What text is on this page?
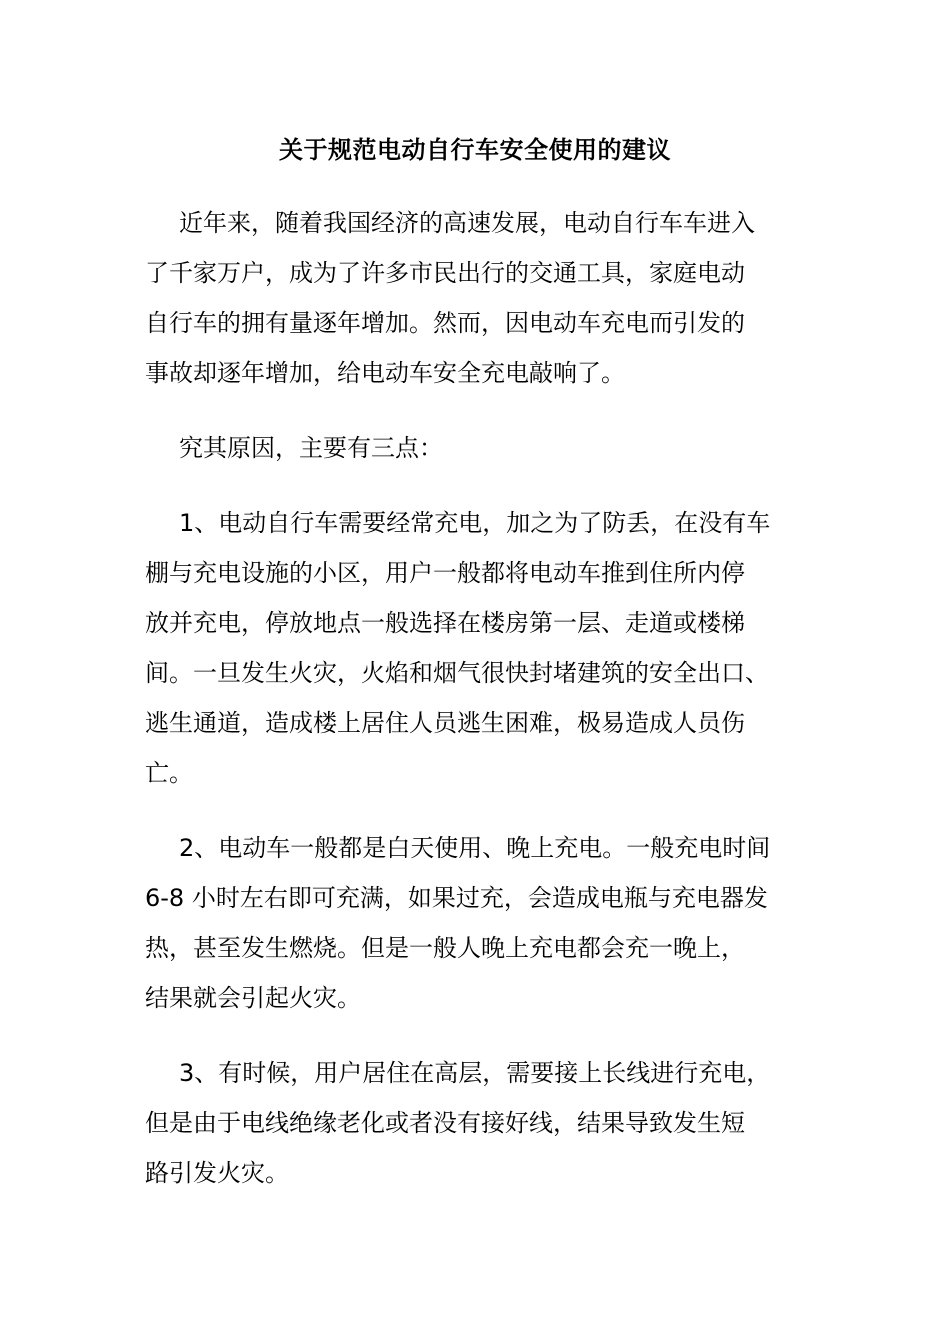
关于规范电动自行车安全使用的建议

近年来，随着我国经济的高速发展，电动自行车车进入
了千家万户，成为了许多市民出行的交通工具，家庭电动
自行车的拥有量逐年增加。然而，因电动车充电而引发的
事故却逐年增加，给电动车安全充电敲响了。

究其原因，主要有三点：

1、电动自行车需要经常充电，加之为了防丢，在没有车
棚与充电设施的小区，用户一般都将电动车推到住所内停
放并充电，停放地点一般选择在楼房第一层、走道或楼梯
间。一旦发生火灾，火焰和烟气很快封堵建筑的安全出口、
逃生通道，造成楼上居住人员逃生困难，极易造成人员伤
亡。

2、电动车一般都是白天使用、晚上充电。一般充电时间
6-8 小时左右即可充满，如果过充，会造成电瓶与充电器发
热，甚至发生燃烧。但是一般人晚上充电都会充一晚上，
结果就会引起火灾。

3、有时候，用户居住在高层，需要接上长线进行充电，
但是由于电线绝缘老化或者没有接好线，结果导致发生短
路引发火灾。
